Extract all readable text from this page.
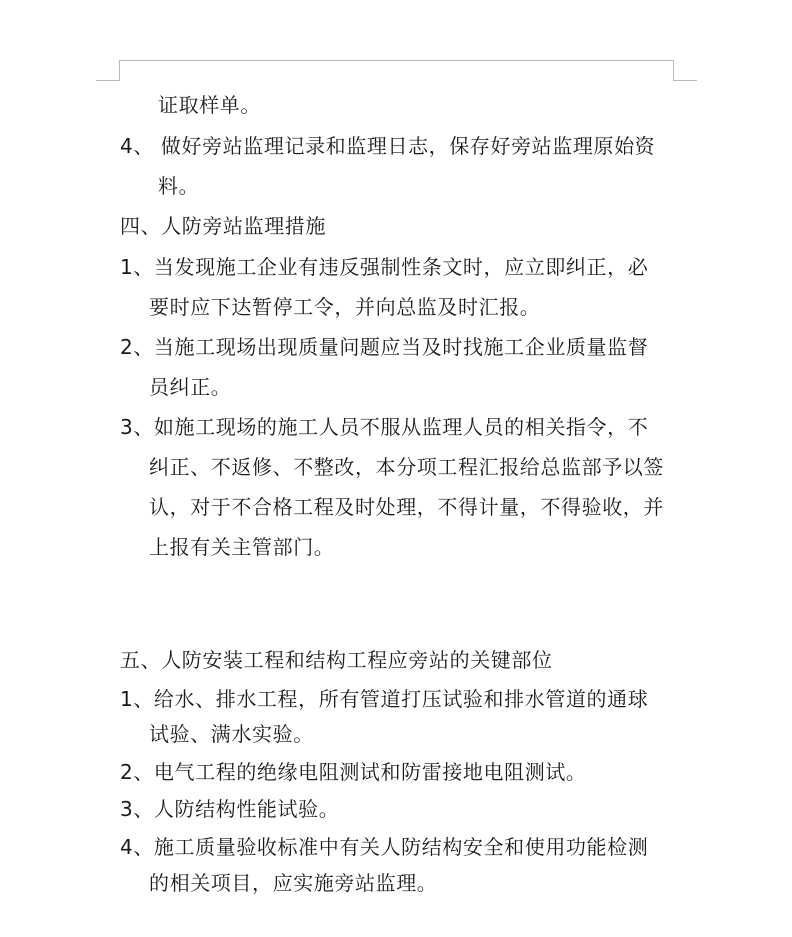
证取样单。
4、 做好旁站监理记录和监理日志，保存好旁站监理原始资
料。
四、人防旁站监理措施
1、当发现施工企业有违反强制性条文时，应立即纠正，必
要时应下达暂停工令，并向总监及时汇报。
2、当施工现场出现质量问题应当及时找施工企业质量监督
员纠正。
3、如施工现场的施工人员不服从监理人员的相关指令，不
纠正、不返修、不整改，本分项工程汇报给总监部予以签
认，对于不合格工程及时处理，不得计量，不得验收，并
上报有关主管部门。
五、人防安装工程和结构工程应旁站的关键部位
1、给水、排水工程，所有管道打压试验和排水管道的通球
试验、满水实验。
2、电气工程的绝缘电阻测试和防雷接地电阻测试。
3、人防结构性能试验。
4、施工质量验收标准中有关人防结构安全和使用功能检测
的相关项目，应实施旁站监理。
